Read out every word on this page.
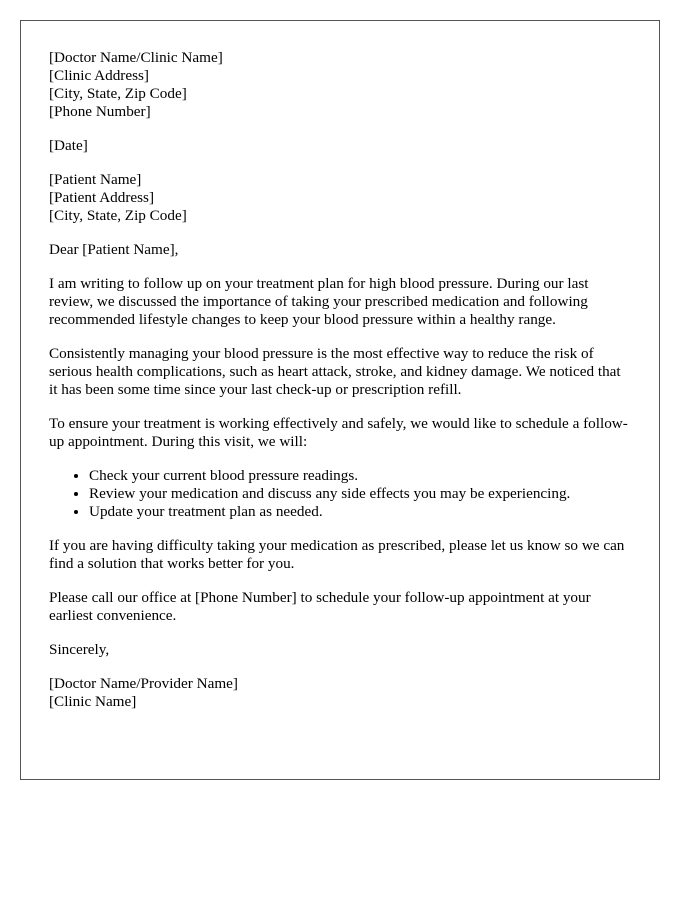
[Doctor Name/Clinic Name]
[Clinic Address]
[City, State, Zip Code]
[Phone Number]
[Date]
[Patient Name]
[Patient Address]
[City, State, Zip Code]

Dear [Patient Name],

I am writing to follow up on your treatment plan for high blood pressure. During our last review, we discussed the importance of taking your prescribed medication and following recommended lifestyle changes to keep your blood pressure within a healthy range.

Consistently managing your blood pressure is the most effective way to reduce the risk of serious health complications, such as heart attack, stroke, and kidney damage. We noticed that it has been some time since your last check-up or prescription refill.

To ensure your treatment is working effectively and safely, we would like to schedule a follow-up appointment. During this visit, we will:

• Check your current blood pressure readings.
• Review your medication and discuss any side effects you may be experiencing.
• Update your treatment plan as needed.

If you are having difficulty taking your medication as prescribed, please let us know so we can find a solution that works better for you.

Please call our office at [Phone Number] to schedule your follow-up appointment at your earliest convenience.

Sincerely,

[Doctor Name/Provider Name]
[Clinic Name]
